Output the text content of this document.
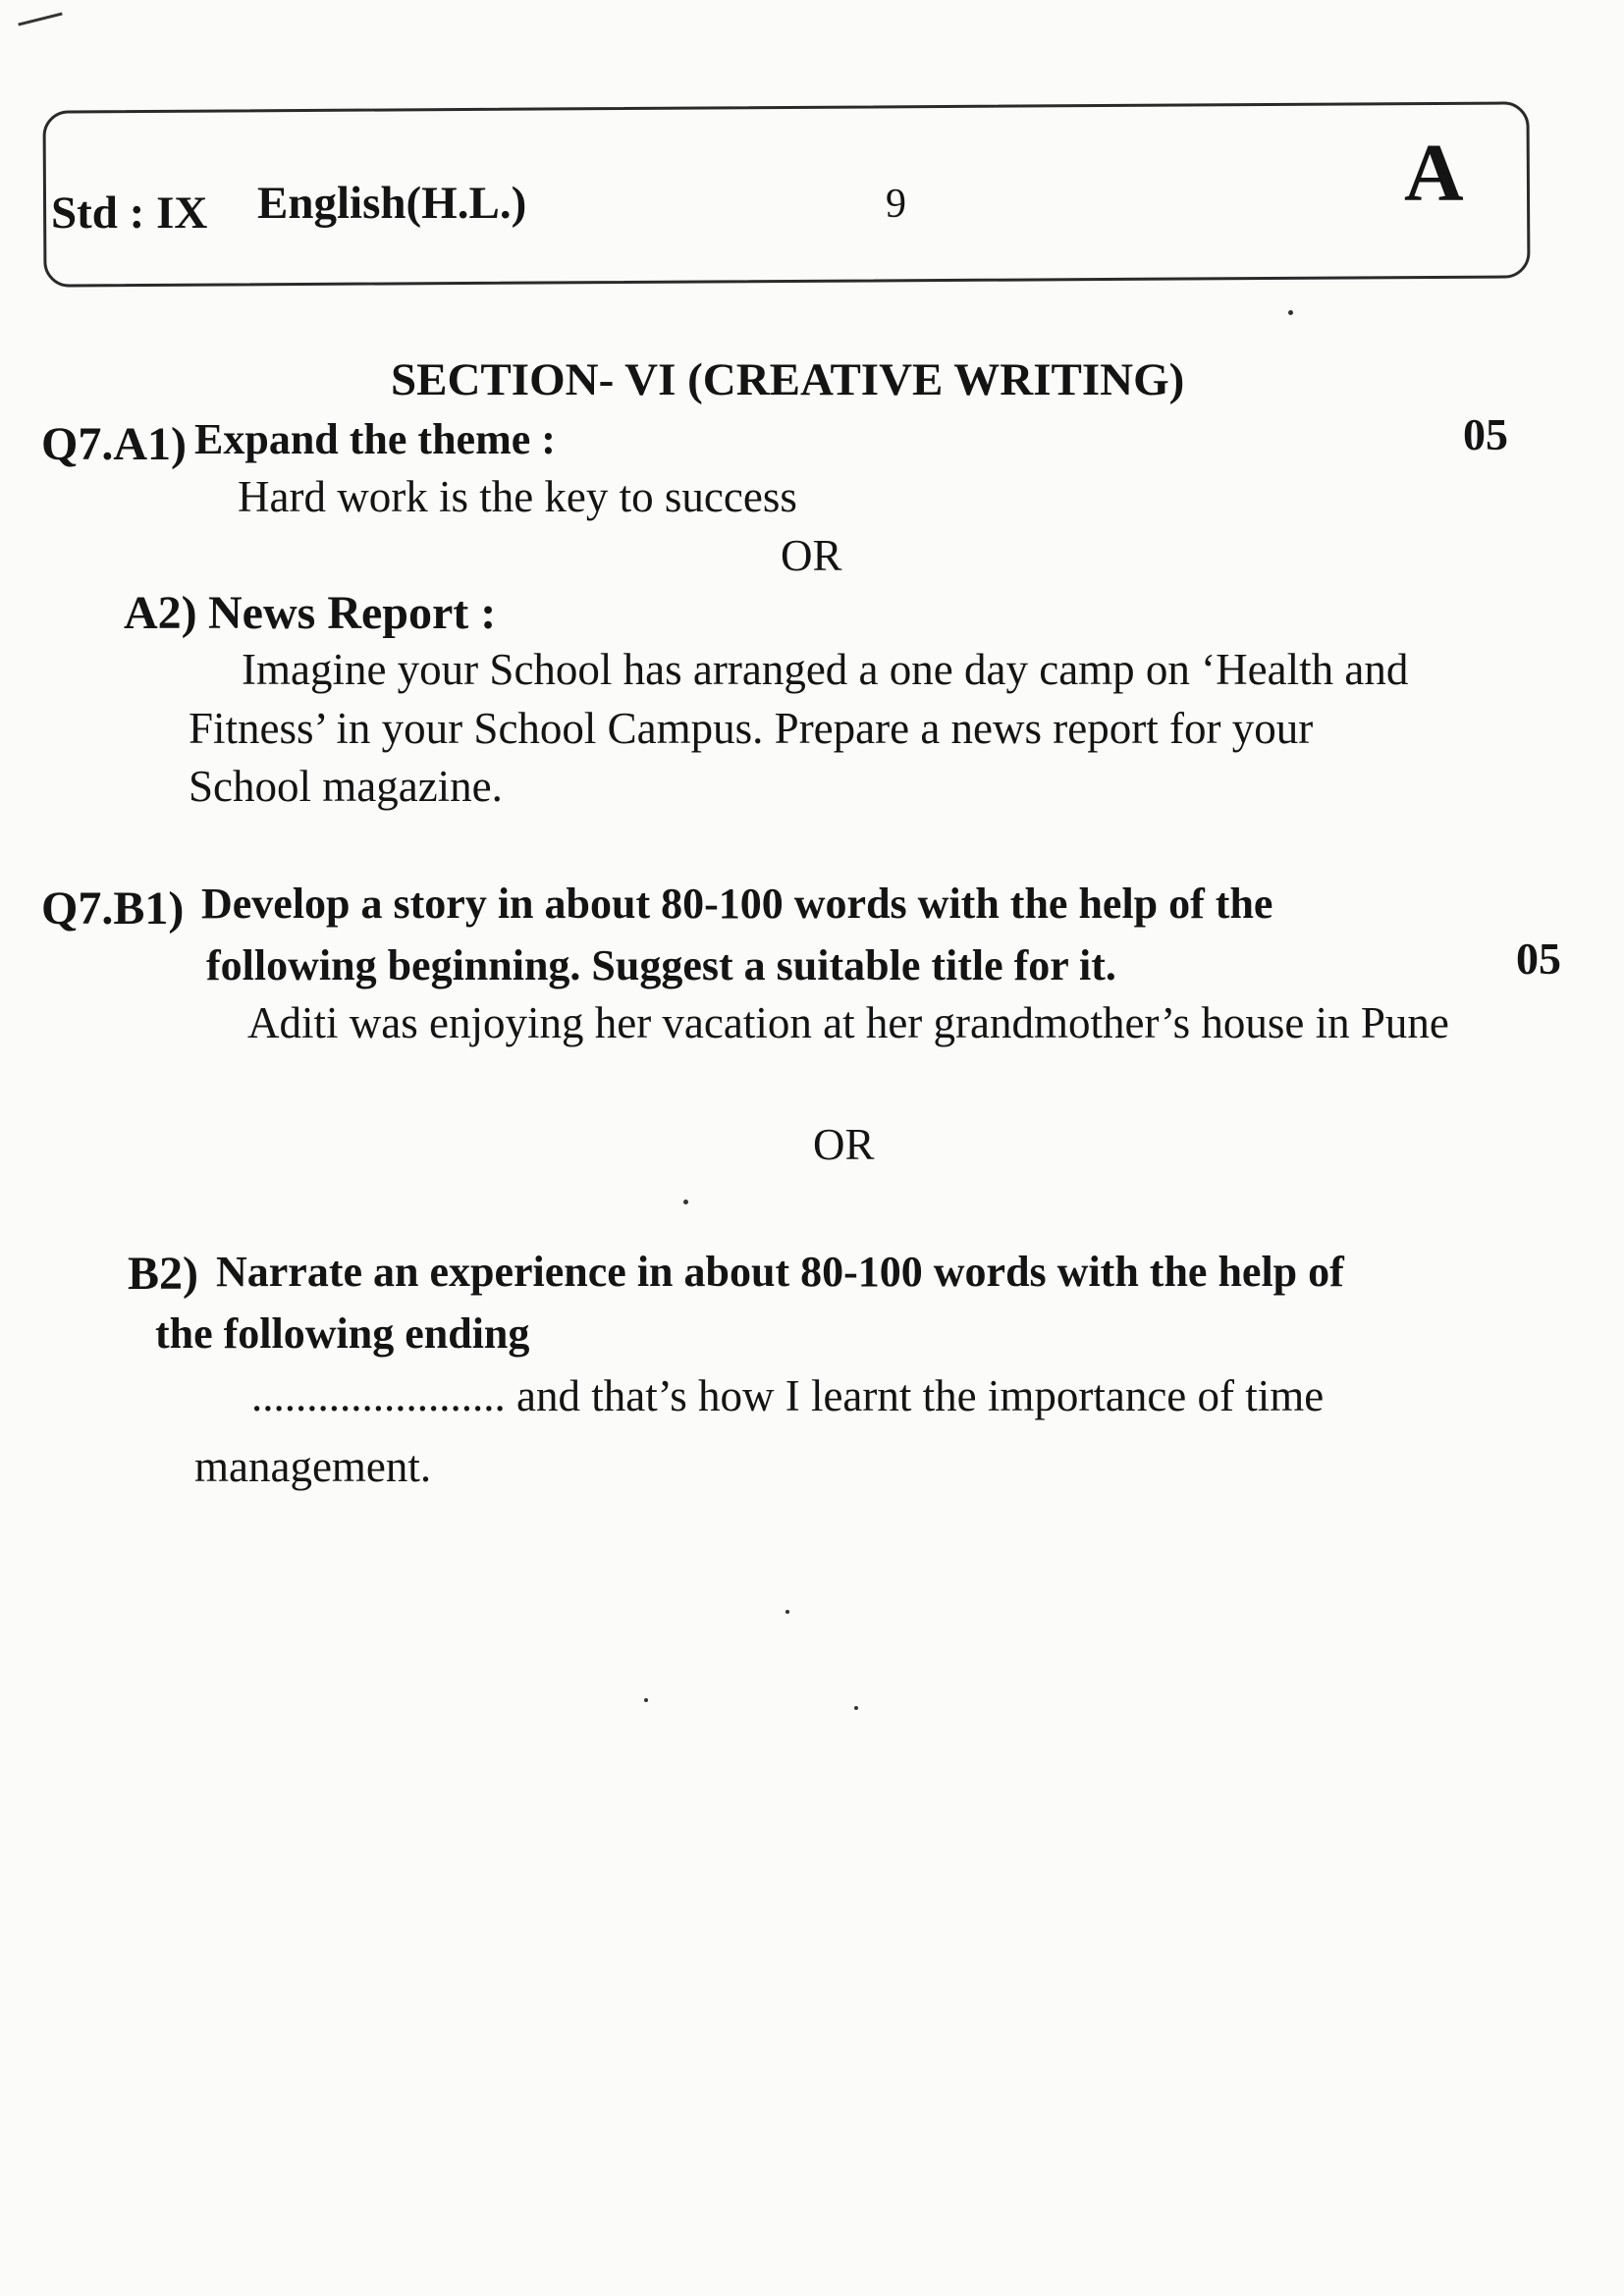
Std : IX English(H.L.)	9	A
SECTION- VI (CREATIVE WRITING)
Q7.A1) Expand the theme :	05
Hard work is the key to success
OR
A2) News Report :
Imagine your School has arranged a one day camp on ‘Health and
Fitness’ in your School Campus. Prepare a news report for your
School magazine.
Q7.B1) Develop a story in about 80-100 words with the help of the
following beginning. Suggest a suitable title for it.	05
Aditi was enjoying her vacation at her grandmother’s house in Pune
OR
B2) Narrate an experience in about 80-100 words with the help of
the following ending
....................... and that’s how I learnt the importance of time
management.
